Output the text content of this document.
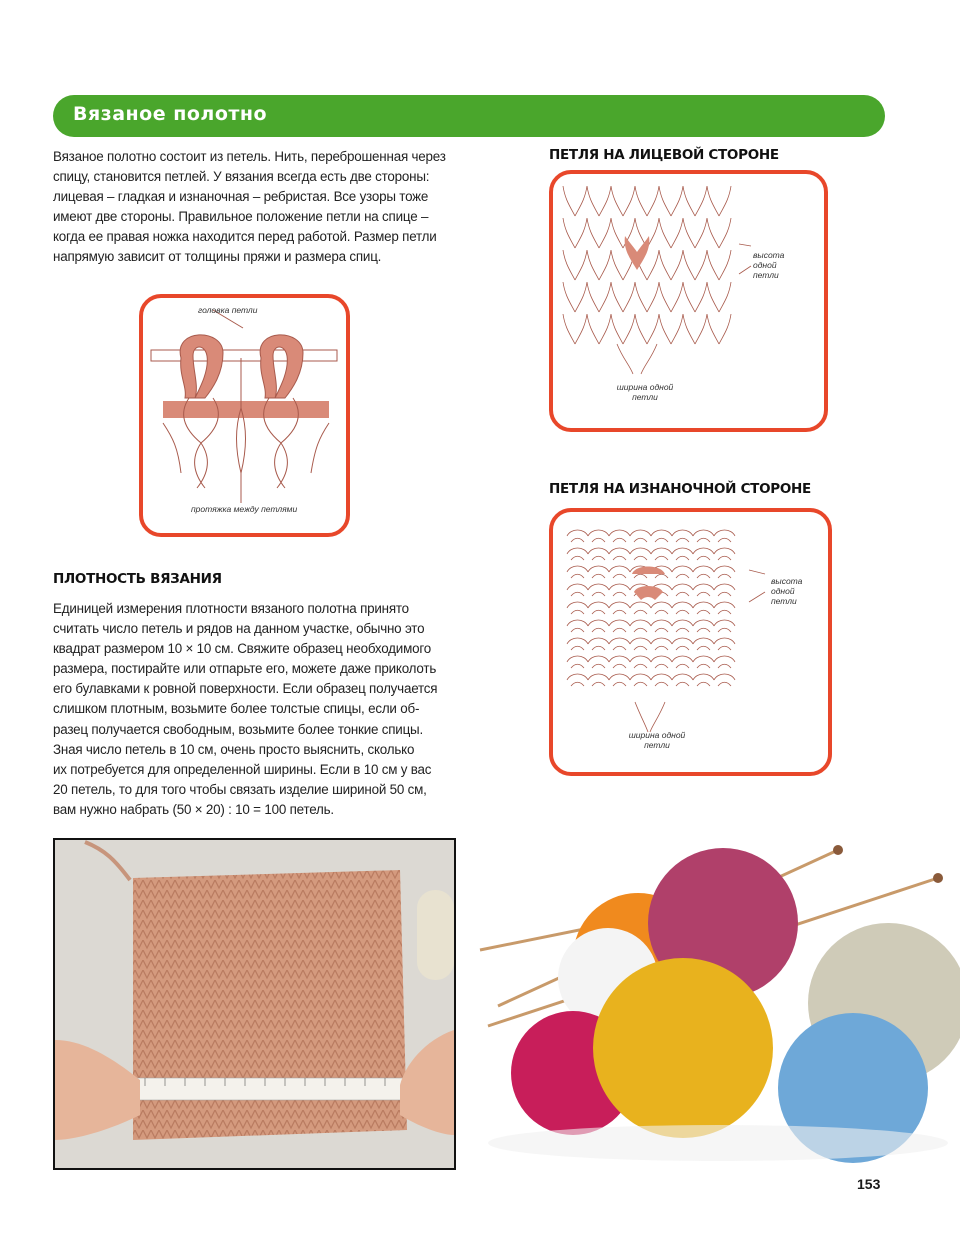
Вязаное полотно
Вязаное полотно состоит из петель. Нить, переброшенная через
спицу, становится петлей. У вязания всегда есть две стороны:
лицевая – гладкая и изнаночная – ребристая. Все узоры тоже
имеют две стороны. Правильное положение петли на спице –
когда ее правая ножка находится перед работой. Размер петли
напрямую зависит от толщины пряжи и размера спиц.
головка петли
протяжка между петлями
ПЕТЛЯ НА ЛИЦЕВОЙ СТОРОНЕ
высота одной петли
ширина одной петли
ПЕТЛЯ НА ИЗНАНОЧНОЙ СТОРОНЕ
высота одной петли
ширина одной петли
ПЛОТНОСТЬ ВЯЗАНИЯ
Единицей измерения плотности вязаного полотна принято
считать число петель и рядов на данном участке, обычно это
квадрат размером 10 × 10 см. Свяжите образец необходимого
размера, постирайте или отпарьте его, можете даже приколоть
его булавками к ровной поверхности. Если образец получается
слишком плотным, возьмите более толстые спицы, если об-
разец получается свободным, возьмите более тонкие спицы.
Зная число петель в 10 см, очень просто выяснить, сколько
их потребуется для определенной ширины. Если в 10 см у вас
20 петель, то для того чтобы связать изделие шириной 50 см,
вам нужно набрать (50 × 20) : 10 = 100 петель.
153
